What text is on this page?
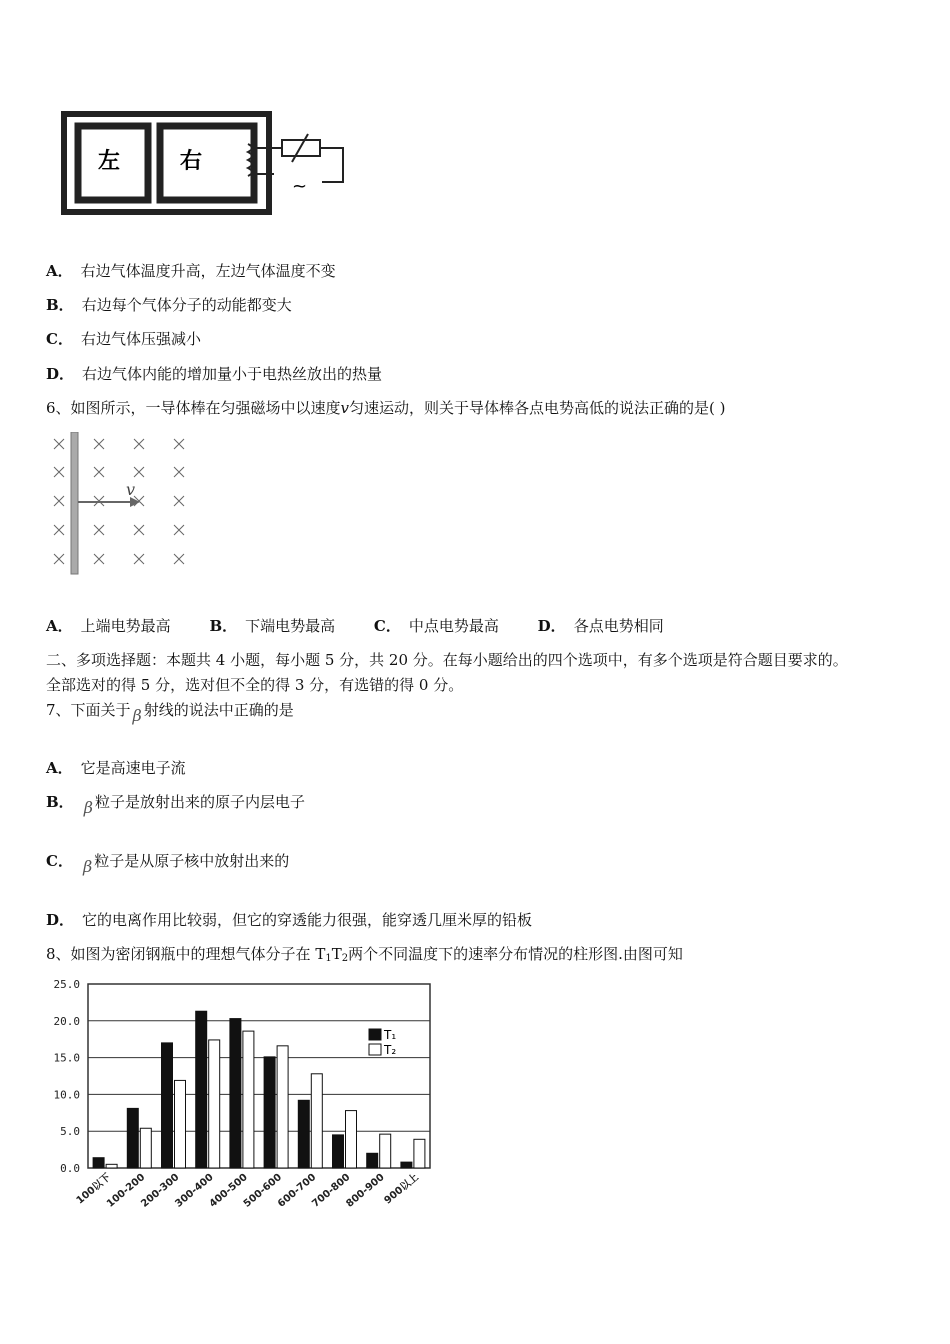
左	右
~
A． 右边气体温度升高，左边气体温度不变
B． 右边每个气体分子的动能都变大
C． 右边气体压强减小
D． 右边气体内能的增加量小于电热丝放出的热量
6、如图所示，一导体棒在匀强磁场中以速度v匀速运动，则关于导体棒各点电势高低的说法正确的是( )
v
A． 上端电势最高	B． 下端电势最高	C． 中点电势最高	D． 各点电势相同
二、多项选择题：本题共 4 小题，每小题 5 分，共 20 分。在每小题给出的四个选项中，有多个选项是符合题目要求的。
全部选对的得 5 分，选对但不全的得 3 分，有选错的得 0 分。
7、下面关于 β 射线的说法中正确的是
A． 它是高速电子流
B． β 粒子是放射出来的原子内层电子
C． β 粒子是从原子核中放射出来的
D． 它的电离作用比较弱，但它的穿透能力很强，能穿透几厘米厚的铅板
8、如图为密闭钢瓶中的理想气体分子在 $T_1T_2$两个不同温度下的速率分布情况的柱形图.由图可知
0.0
5.0
10.0
15.0
20.0
25.0
100以下
100-200
200-300
300-400
400-500
500-600
600-700
700-800
800-900
900以上
T₁
T₂
